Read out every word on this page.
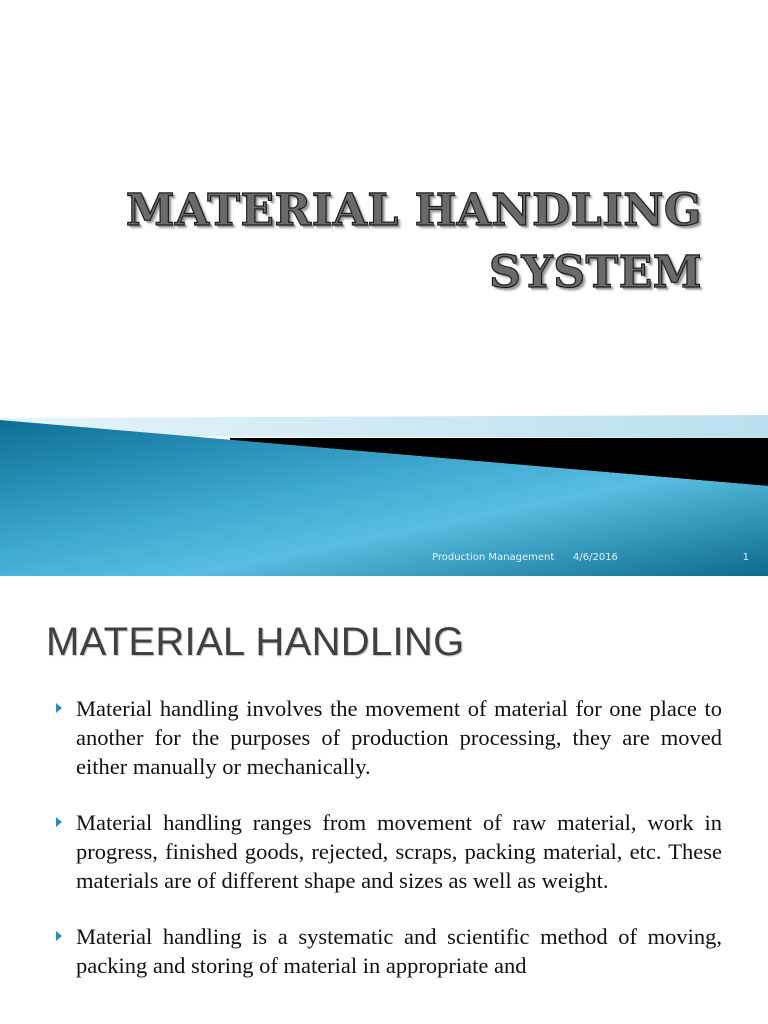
MATERIAL HANDLING
SYSTEM
Production Management 4/6/2016	1
MATERIAL HANDLING
Material handling involves the movement of material for one place to another for the purposes of production processing, they are moved either manually or mechanically.
Material handling ranges from movement of raw material, work in progress, finished goods, rejected, scraps, packing material, etc. These materials are of different shape and sizes as well as weight.
Material handling is a systematic and scientific method of moving, packing and storing of material in appropriate and
